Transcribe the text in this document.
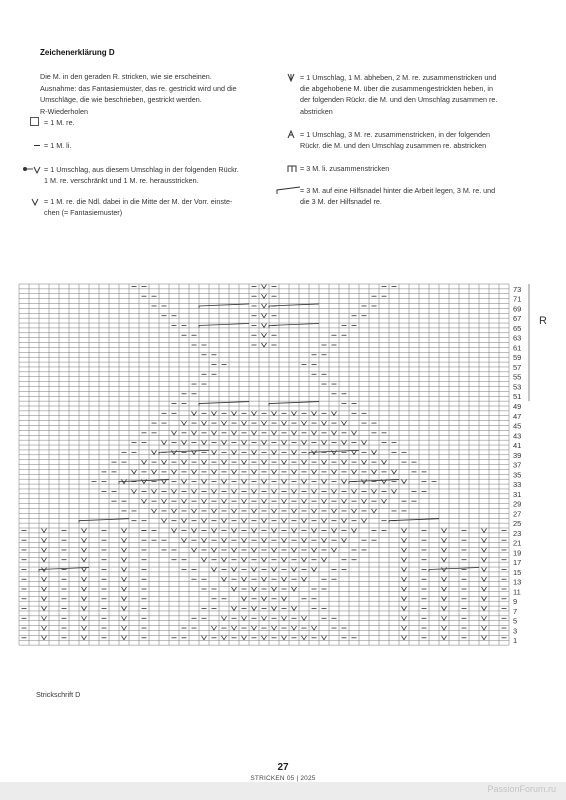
Zeichenerklärung D
Die M. in den geraden R. stricken, wie sie erscheinen.
Ausnahme: das Fantasiemuster, das re. gestrickt wird und die
Umschläge, die wie beschrieben, gestrickt werden.
R-Wiederholen
= 1 M. re.
= 1 M. li.
= 1 Umschlag, aus diesem Umschlag in der folgenden Rückr.
1 M. re. verschränkt und 1 M. re. herausstricken.
= 1 M. re. die Ndl. dabei in die Mitte der M. der Vorr. einste-
chen (= Fantasiemuster)
= 1 Umschlag, 1 M. abheben, 2 M. re. zusammenstricken und
die abgehobene M. über die zusammengestrickten heben, in
der folgenden Rückr. die M. und den Umschlag zusammen re.
abstricken
= 1 Umschlag, 3 M. re. zusammenstricken, in der folgenden
Rückr. die M. und den Umschlag zusammen re. abstricken
= 3 M. li. zusammenstricken
= 3 M. auf eine Hilfsnadel hinter die Arbeit legen, 3 M. re. und
die 3 M. der Hilfsnadel re.
73
71
69
67
65
63
61
59
57
55
53
51
49
47
45
43
41
39
37
35
33
31
29
27
25
23
21
19
17
15
13
11
9
7
5
3
1
R
Strickschrift D
27
STRICKEN 05 | 2025
PassionForum.ru
